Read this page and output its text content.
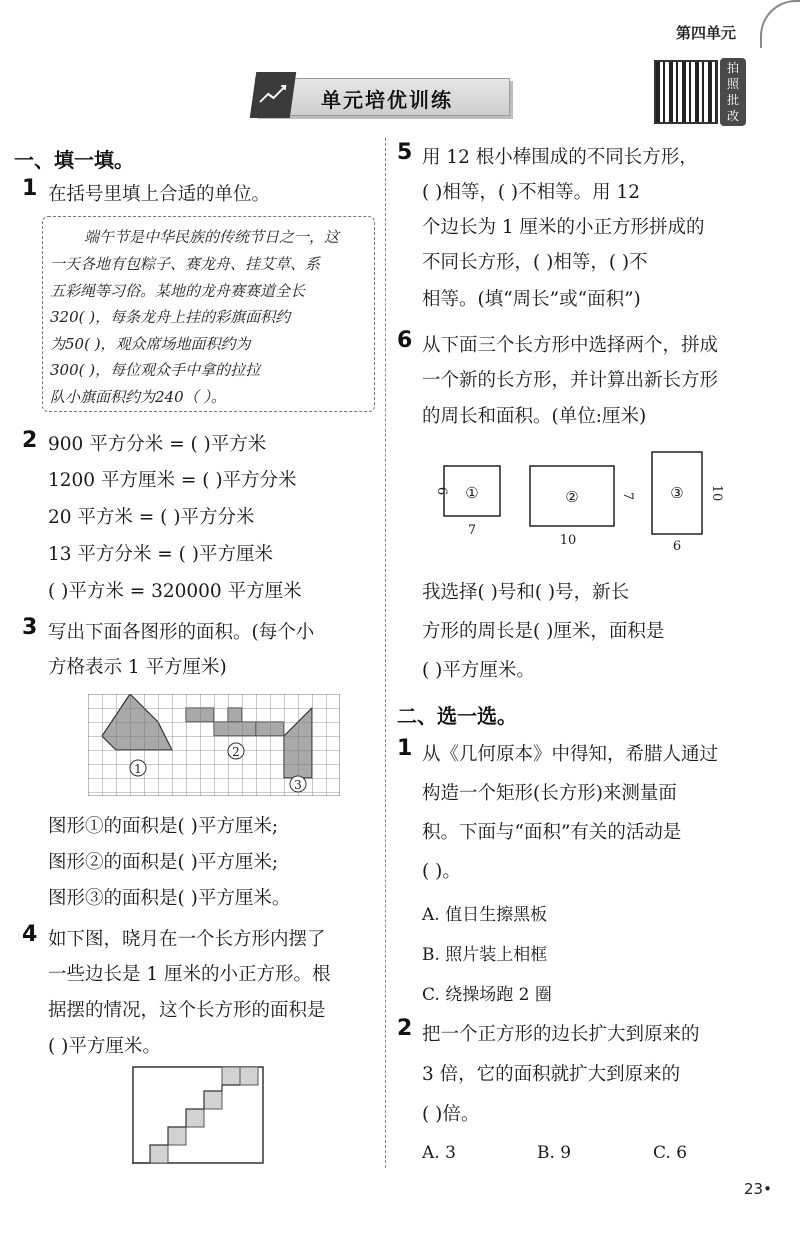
第四单元
单元培优训练
拍照批改
一、填一填。
1 在括号里填上合适的单位。
端午节是中华民族的传统节日之一，这
一天各地有包粽子、赛龙舟、挂艾草、系
五彩绳等习俗。某地的龙舟赛赛道全长
320( )，每条龙舟上挂的彩旗面积约
为50( )，观众席场地面积约为
300( )，每位观众手中拿的拉拉
队小旗面积约为240（ ）。
2 900 平方分米 = ( )平方米
1200 平方厘米 = ( )平方分米
20 平方米 = ( )平方分米
13 平方分米 = ( )平方厘米
( )平方米 = 320000 平方厘米
3 写出下面各图形的面积。(每个小
方格表示 1 平方厘米)
1
2
3
图形①的面积是( )平方厘米;
图形②的面积是( )平方厘米;
图形③的面积是( )平方厘米。
4 如下图，晓月在一个长方形内摆了
一些边长是 1 厘米的小正方形。根
据摆的情况，这个长方形的面积是
( )平方厘米。
5 用 12 根小棒围成的不同长方形，
( )相等，( )不相等。用 12
个边长为 1 厘米的小正方形拼成的
不同长方形，( )相等，( )不
相等。(填“周长”或“面积”)
6 从下面三个长方形中选择两个，拼成
一个新的长方形，并计算出新长方形
的周长和面积。(单位:厘米)
①
7
6	②
10
7 ③
6
10
我选择( )号和( )号，新长
方形的周长是( )厘米，面积是
( )平方厘米。
二、选一选。
1 从《几何原本》中得知，希腊人通过
构造一个矩形(长方形)来测量面
积。下面与“面积”有关的活动是
( )。
A. 值日生擦黑板
B. 照片装上相框
C. 绕操场跑 2 圈
2 把一个正方形的边长扩大到原来的
3 倍，它的面积就扩大到原来的
( )倍。
A. 3	B. 9	C. 6
23•
